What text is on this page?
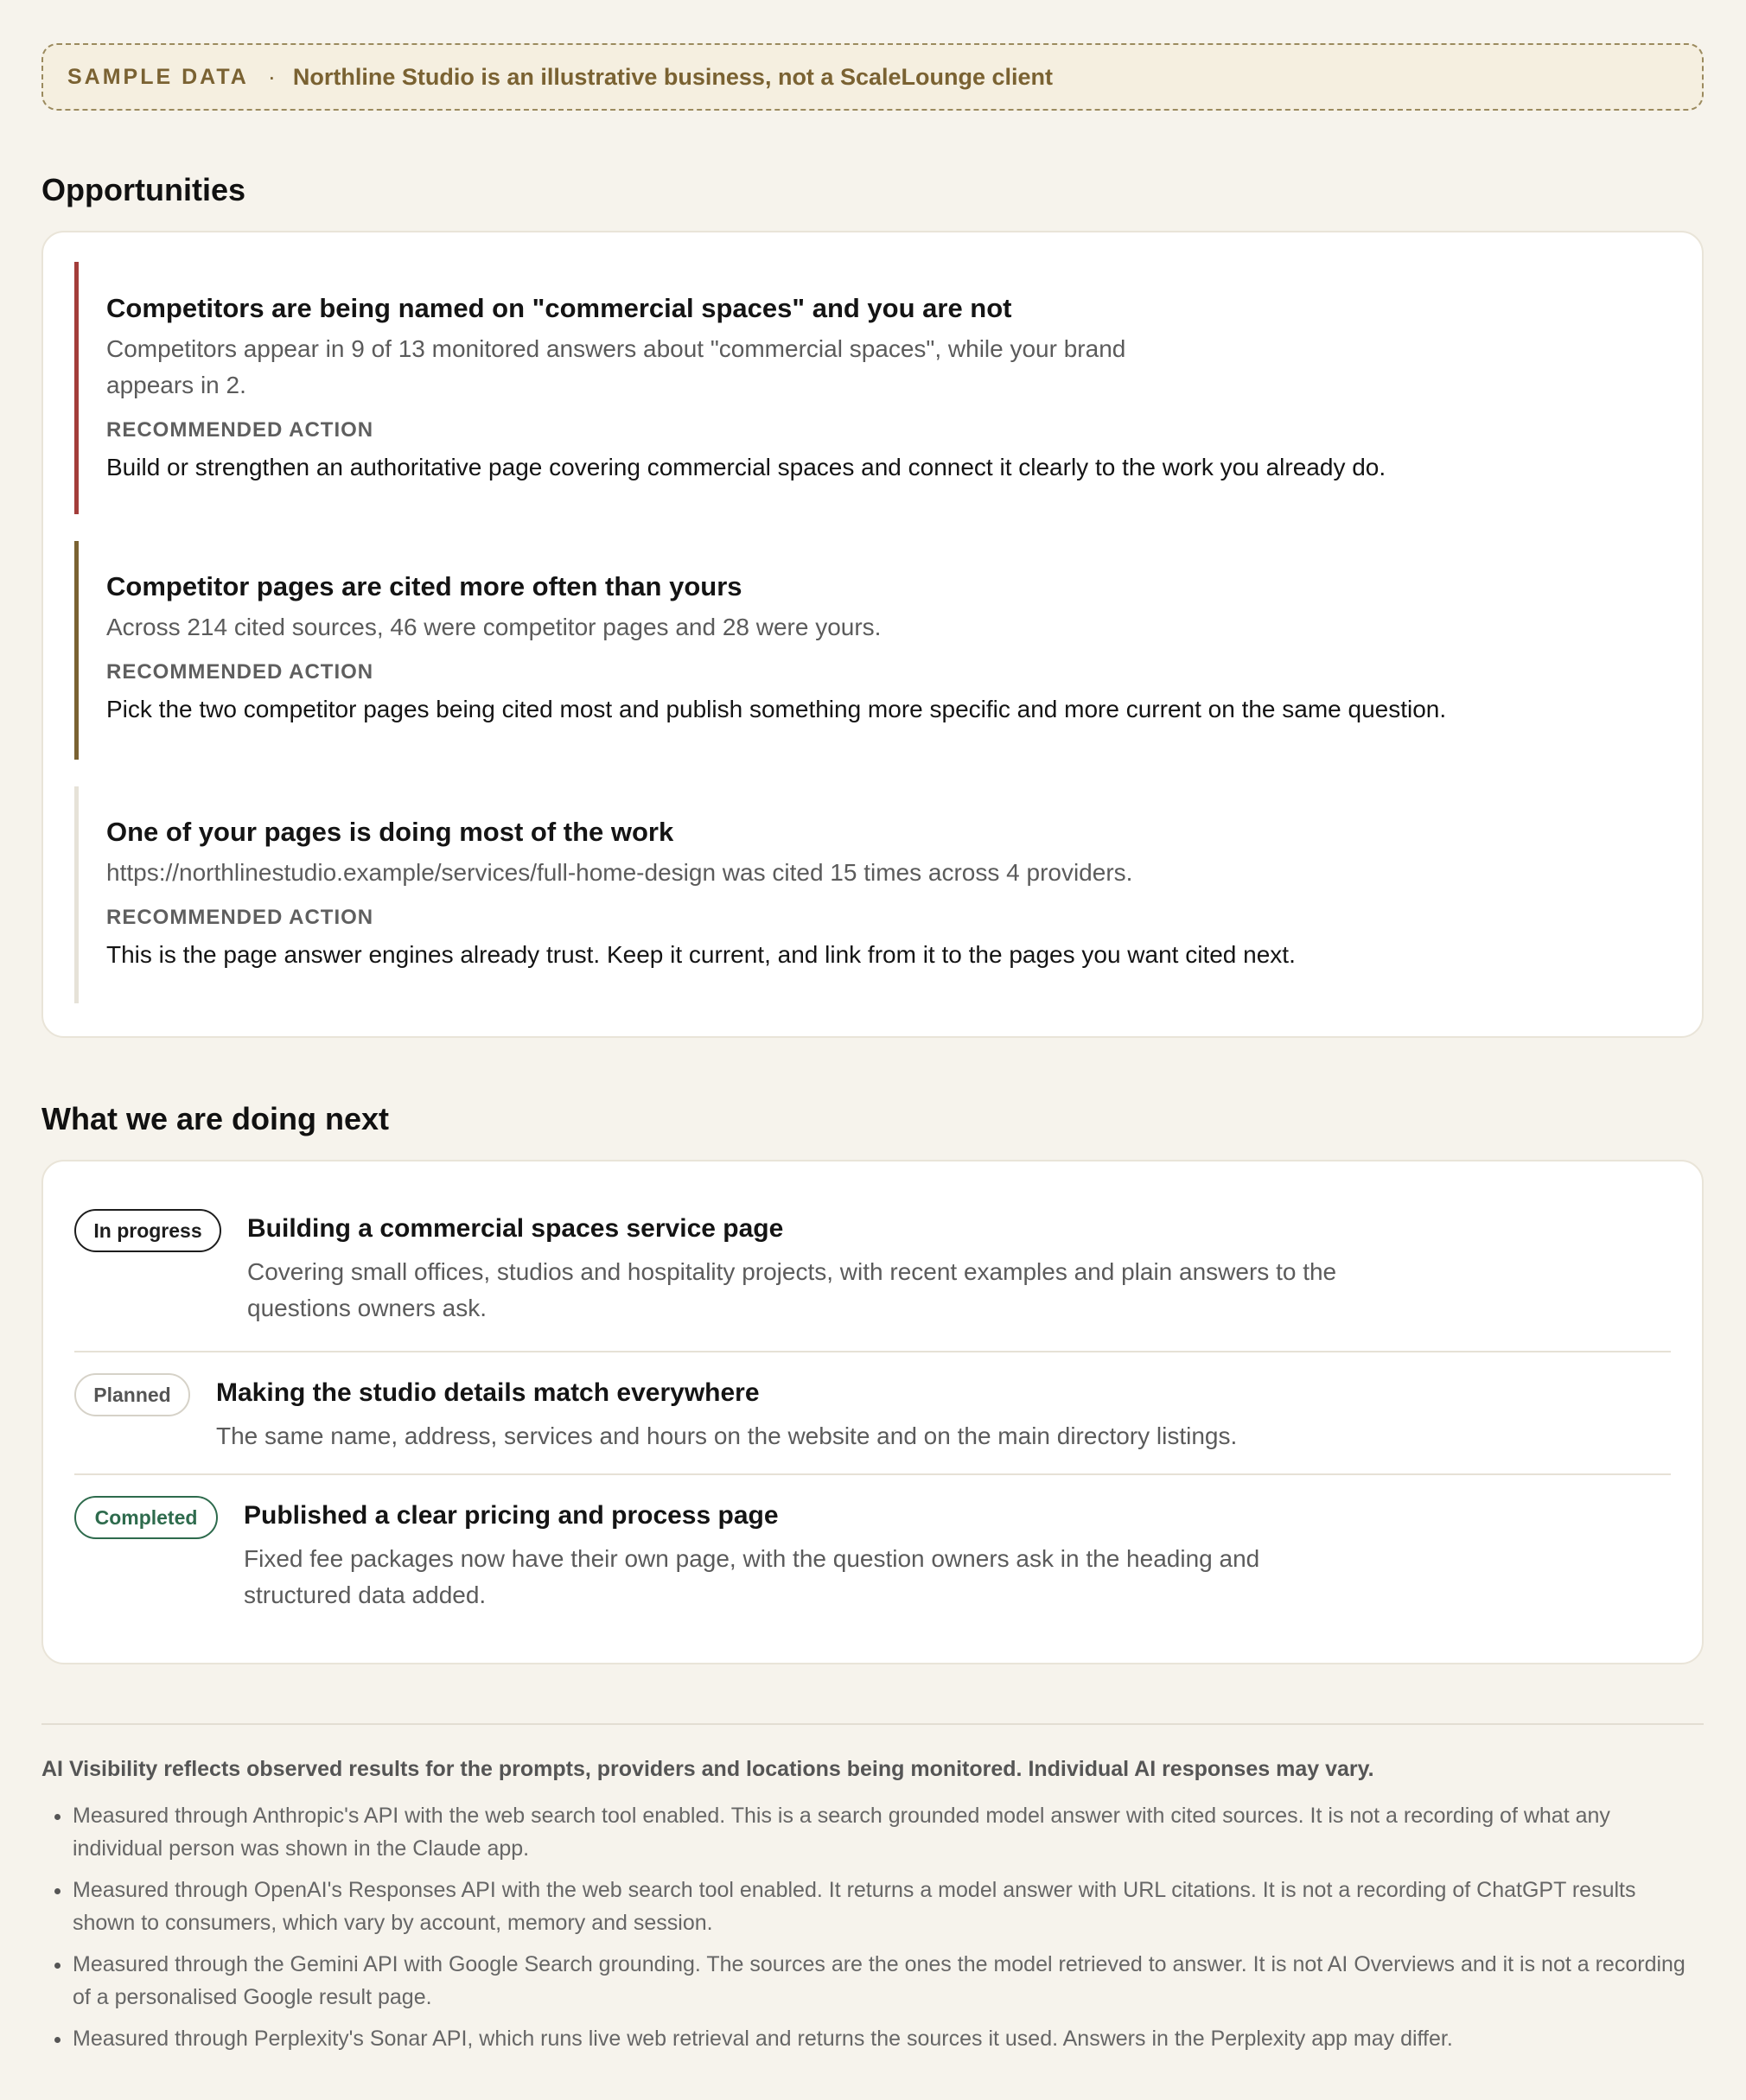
SAMPLE DATA · Northline Studio is an illustrative business, not a ScaleLounge client
Opportunities
Competitors are being named on "commercial spaces" and you are not
Competitors appear in 9 of 13 monitored answers about "commercial spaces", while your brand appears in 2.
RECOMMENDED ACTION
Build or strengthen an authoritative page covering commercial spaces and connect it clearly to the work you already do.
Competitor pages are cited more often than yours
Across 214 cited sources, 46 were competitor pages and 28 were yours.
RECOMMENDED ACTION
Pick the two competitor pages being cited most and publish something more specific and more current on the same question.
One of your pages is doing most of the work
https://northlinestudio.example/services/full-home-design was cited 15 times across 4 providers.
RECOMMENDED ACTION
This is the page answer engines already trust. Keep it current, and link from it to the pages you want cited next.
What we are doing next
In progress	Building a commercial spaces service page
Covering small offices, studios and hospitality projects, with recent examples and plain answers to the questions owners ask.
Planned	Making the studio details match everywhere
The same name, address, services and hours on the website and on the main directory listings.
Completed	Published a clear pricing and process page
Fixed fee packages now have their own page, with the question owners ask in the heading and structured data added.
AI Visibility reflects observed results for the prompts, providers and locations being monitored. Individual AI responses may vary.
• Measured through Anthropic's API with the web search tool enabled. This is a search grounded model answer with cited sources. It is not a recording of what any individual person was shown in the Claude app.
• Measured through OpenAI's Responses API with the web search tool enabled. It returns a model answer with URL citations. It is not a recording of ChatGPT results shown to consumers, which vary by account, memory and session.
• Measured through the Gemini API with Google Search grounding. The sources are the ones the model retrieved to answer. It is not AI Overviews and it is not a recording of a personalised Google result page.
• Measured through Perplexity's Sonar API, which runs live web retrieval and returns the sources it used. Answers in the Perplexity app may differ.
